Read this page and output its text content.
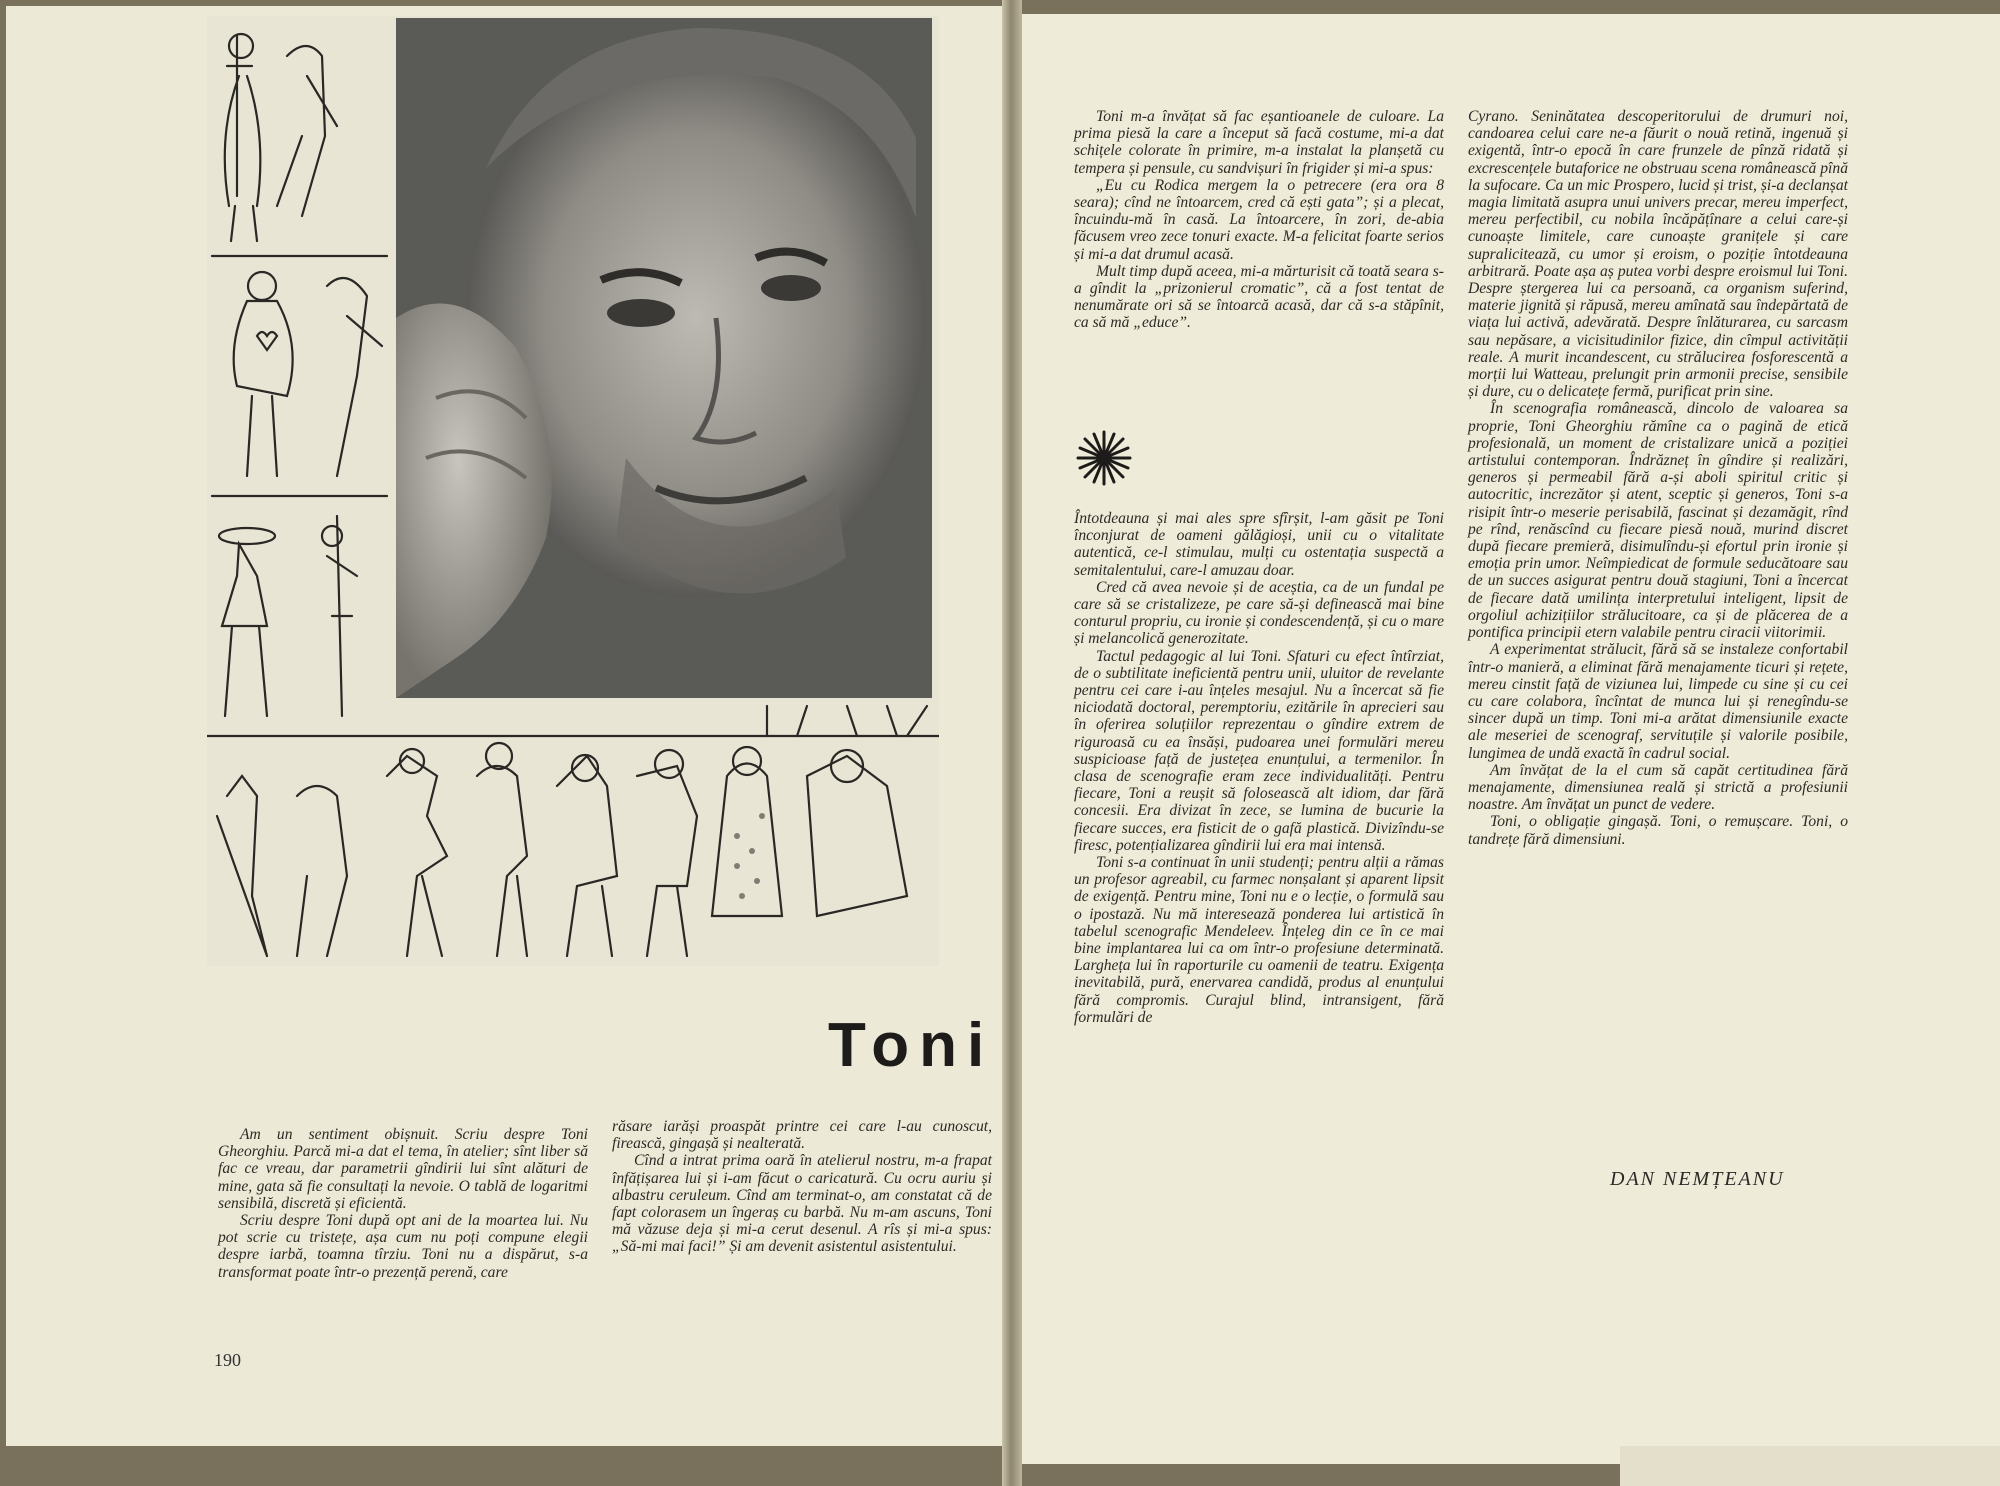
Toni

Am un sentiment obișnuit. Scriu despre Toni Gheorghiu. Parcă mi-a dat el tema, în atelier; sînt liber să fac ce vreau, dar parametrii gîndirii lui sînt alături de mine, gata să fie consultați la nevoie. O tablă de logaritmi sensibilă, discretă și eficientă.

Scriu despre Toni după opt ani de la moartea lui. Nu pot scrie cu tristețe, așa cum nu poți compune elegii despre iarbă, toamna tîrziu. Toni nu a dispărut, s-a transformat poate într-o prezență perenă, care

răsare iarăși proaspăt printre cei care l-au cunoscut, firească, gingașă și nealterată.

Cînd a intrat prima oară în atelierul nostru, m-a frapat înfățișarea lui și i-am făcut o caricatură. Cu ocru auriu și albastru ceruleum. Cînd am terminat-o, am constatat că de fapt colorasem un îngeraș cu barbă. Nu m-am ascuns, Toni mă văzuse deja și mi-a cerut desenul. A rîs și mi-a spus: „Să-mi mai faci!” Și am devenit asistentul asistentului.

190

Toni m-a învățat să fac eșantioanele de culoare. La prima piesă la care a început să facă costume, mi-a dat schițele colorate în primire, m-a instalat la planșetă cu tempera și pensule, cu sandvișuri în frigider și mi-a spus:

„Eu cu Rodica mergem la o petrecere (era ora 8 seara); cînd ne întoarcem, cred că ești gata”; și a plecat, încuindu-mă în casă. La întoarcere, în zori, de-abia făcusem vreo zece tonuri exacte. M-a felicitat foarte serios și mi-a dat drumul acasă.

Mult timp după aceea, mi-a mărturisit că toată seara s-a gîndit la „prizonierul cromatic”, că a fost tentat de nenumărate ori să se întoarcă acasă, dar că s-a stăpînit, ca să mă „educe”.

Întotdeauna și mai ales spre sfîrșit, l-am găsit pe Toni înconjurat de oameni gălăgioși, unii cu o vitalitate autentică, ce-l stimulau, mulți cu ostentația suspectă a semitalentului, care-l amuzau doar.

Cred că avea nevoie și de aceștia, ca de un fundal pe care să se cristalizeze, pe care să-și definească mai bine conturul propriu, cu ironie și condescendență, și cu o mare și melancolică generozitate.

Tactul pedagogic al lui Toni. Sfaturi cu efect întîrziat, de o subtilitate ineficientă pentru unii, uluitor de revelante pentru cei care i-au înțeles mesajul. Nu a încercat să fie niciodată doctoral, peremptoriu, ezitările în aprecieri sau în oferirea soluțiilor reprezentau o gîndire extrem de riguroasă cu ea însăși, pudoarea unei formulări mereu suspicioase față de justețea enunțului, a termenilor. În clasa de scenografie eram zece individualități. Pentru fiecare, Toni a reușit să folosească alt idiom, dar fără concesii. Era divizat în zece, se lumina de bucurie la fiecare succes, era fisticit de o gafă plastică. Divizîndu-se firesc, potențializarea gîndirii lui era mai intensă.

Toni s-a continuat în unii studenți; pentru alții a rămas un profesor agreabil, cu farmec nonșalant și aparent lipsit de exigență. Pentru mine, Toni nu e o lecție, o formulă sau o ipostază. Nu mă interesează ponderea lui artistică în tabelul scenografic Mendeleev. Înțeleg din ce în ce mai bine implantarea lui ca om într-o profesiune determinată. Largheța lui în raporturile cu oamenii de teatru. Exigența inevitabilă, pură, enervarea candidă, produs al enunțului fără compromis. Curajul blind, intransigent, fără formulări de

Cyrano. Seninătatea descoperitorului de drumuri noi, candoarea celui care ne-a făurit o nouă retină, ingenuă și exigentă, într-o epocă în care frunzele de pînză ridată și excrescențele butaforice ne obstruau scena românească pînă la sufocare. Ca un mic Prospero, lucid și trist, și-a declanșat magia limitată asupra unui univers precar, mereu imperfect, mereu perfectibil, cu nobila încăpățînare a celui care-și cunoaște limitele, care cunoaște granițele și care supralicitează, cu umor și eroism, o poziție întotdeauna arbitrară. Poate așa aș putea vorbi despre eroismul lui Toni. Despre ștergerea lui ca persoană, ca organism suferind, materie jignită și răpusă, mereu amînată sau îndepărtată de viața lui activă, adevărată. Despre înlăturarea, cu sarcasm sau nepăsare, a vicisitudinilor fizice, din cîmpul activității reale. A murit incandescent, cu strălucirea fosforescentă a morții lui Watteau, prelungit prin armonii precise, sensibile și dure, cu o delicatețe fermă, purificat prin sine.

În scenografia românească, dincolo de valoarea sa proprie, Toni Gheorghiu rămîne ca o pagină de etică profesională, un moment de cristalizare unică a poziției artistului contemporan. Îndrăzneț în gîndire și realizări, generos și permeabil fără a-și aboli spiritul critic și autocritic, increzător și atent, sceptic și generos, Toni s-a risipit într-o meserie perisabilă, fascinat și dezamăgit, rînd pe rînd, renăscînd cu fiecare piesă nouă, murind discret după fiecare premieră, disimulîndu-și efortul prin ironie și emoția prin umor. Neîmpiedicat de formule seducătoare sau de un succes asigurat pentru două stagiuni, Toni a încercat de fiecare dată umilința interpretului inteligent, lipsit de orgoliul achizițiilor strălucitoare, ca și de plăcerea de a pontifica principii etern valabile pentru ciracii viitorimii.

A experimentat strălucit, fără să se instaleze confortabil într-o manieră, a eliminat fără menajamente ticuri și rețete, mereu cinstit față de viziunea lui, limpede cu sine și cu cei cu care colabora, încîntat de munca lui și renegîndu-se sincer după un timp. Toni mi-a arătat dimensiunile exacte ale meseriei de scenograf, servituțile și valorile posibile, lungimea de undă exactă în cadrul social.

Am învățat de la el cum să capăt certitudinea fără menajamente, dimensiunea reală și strictă a profesiunii noastre. Am învățat un punct de vedere.

Toni, o obligație gingașă. Toni, o remușcare. Toni, o tandrețe fără dimensiuni.

DAN NEMȚEANU
